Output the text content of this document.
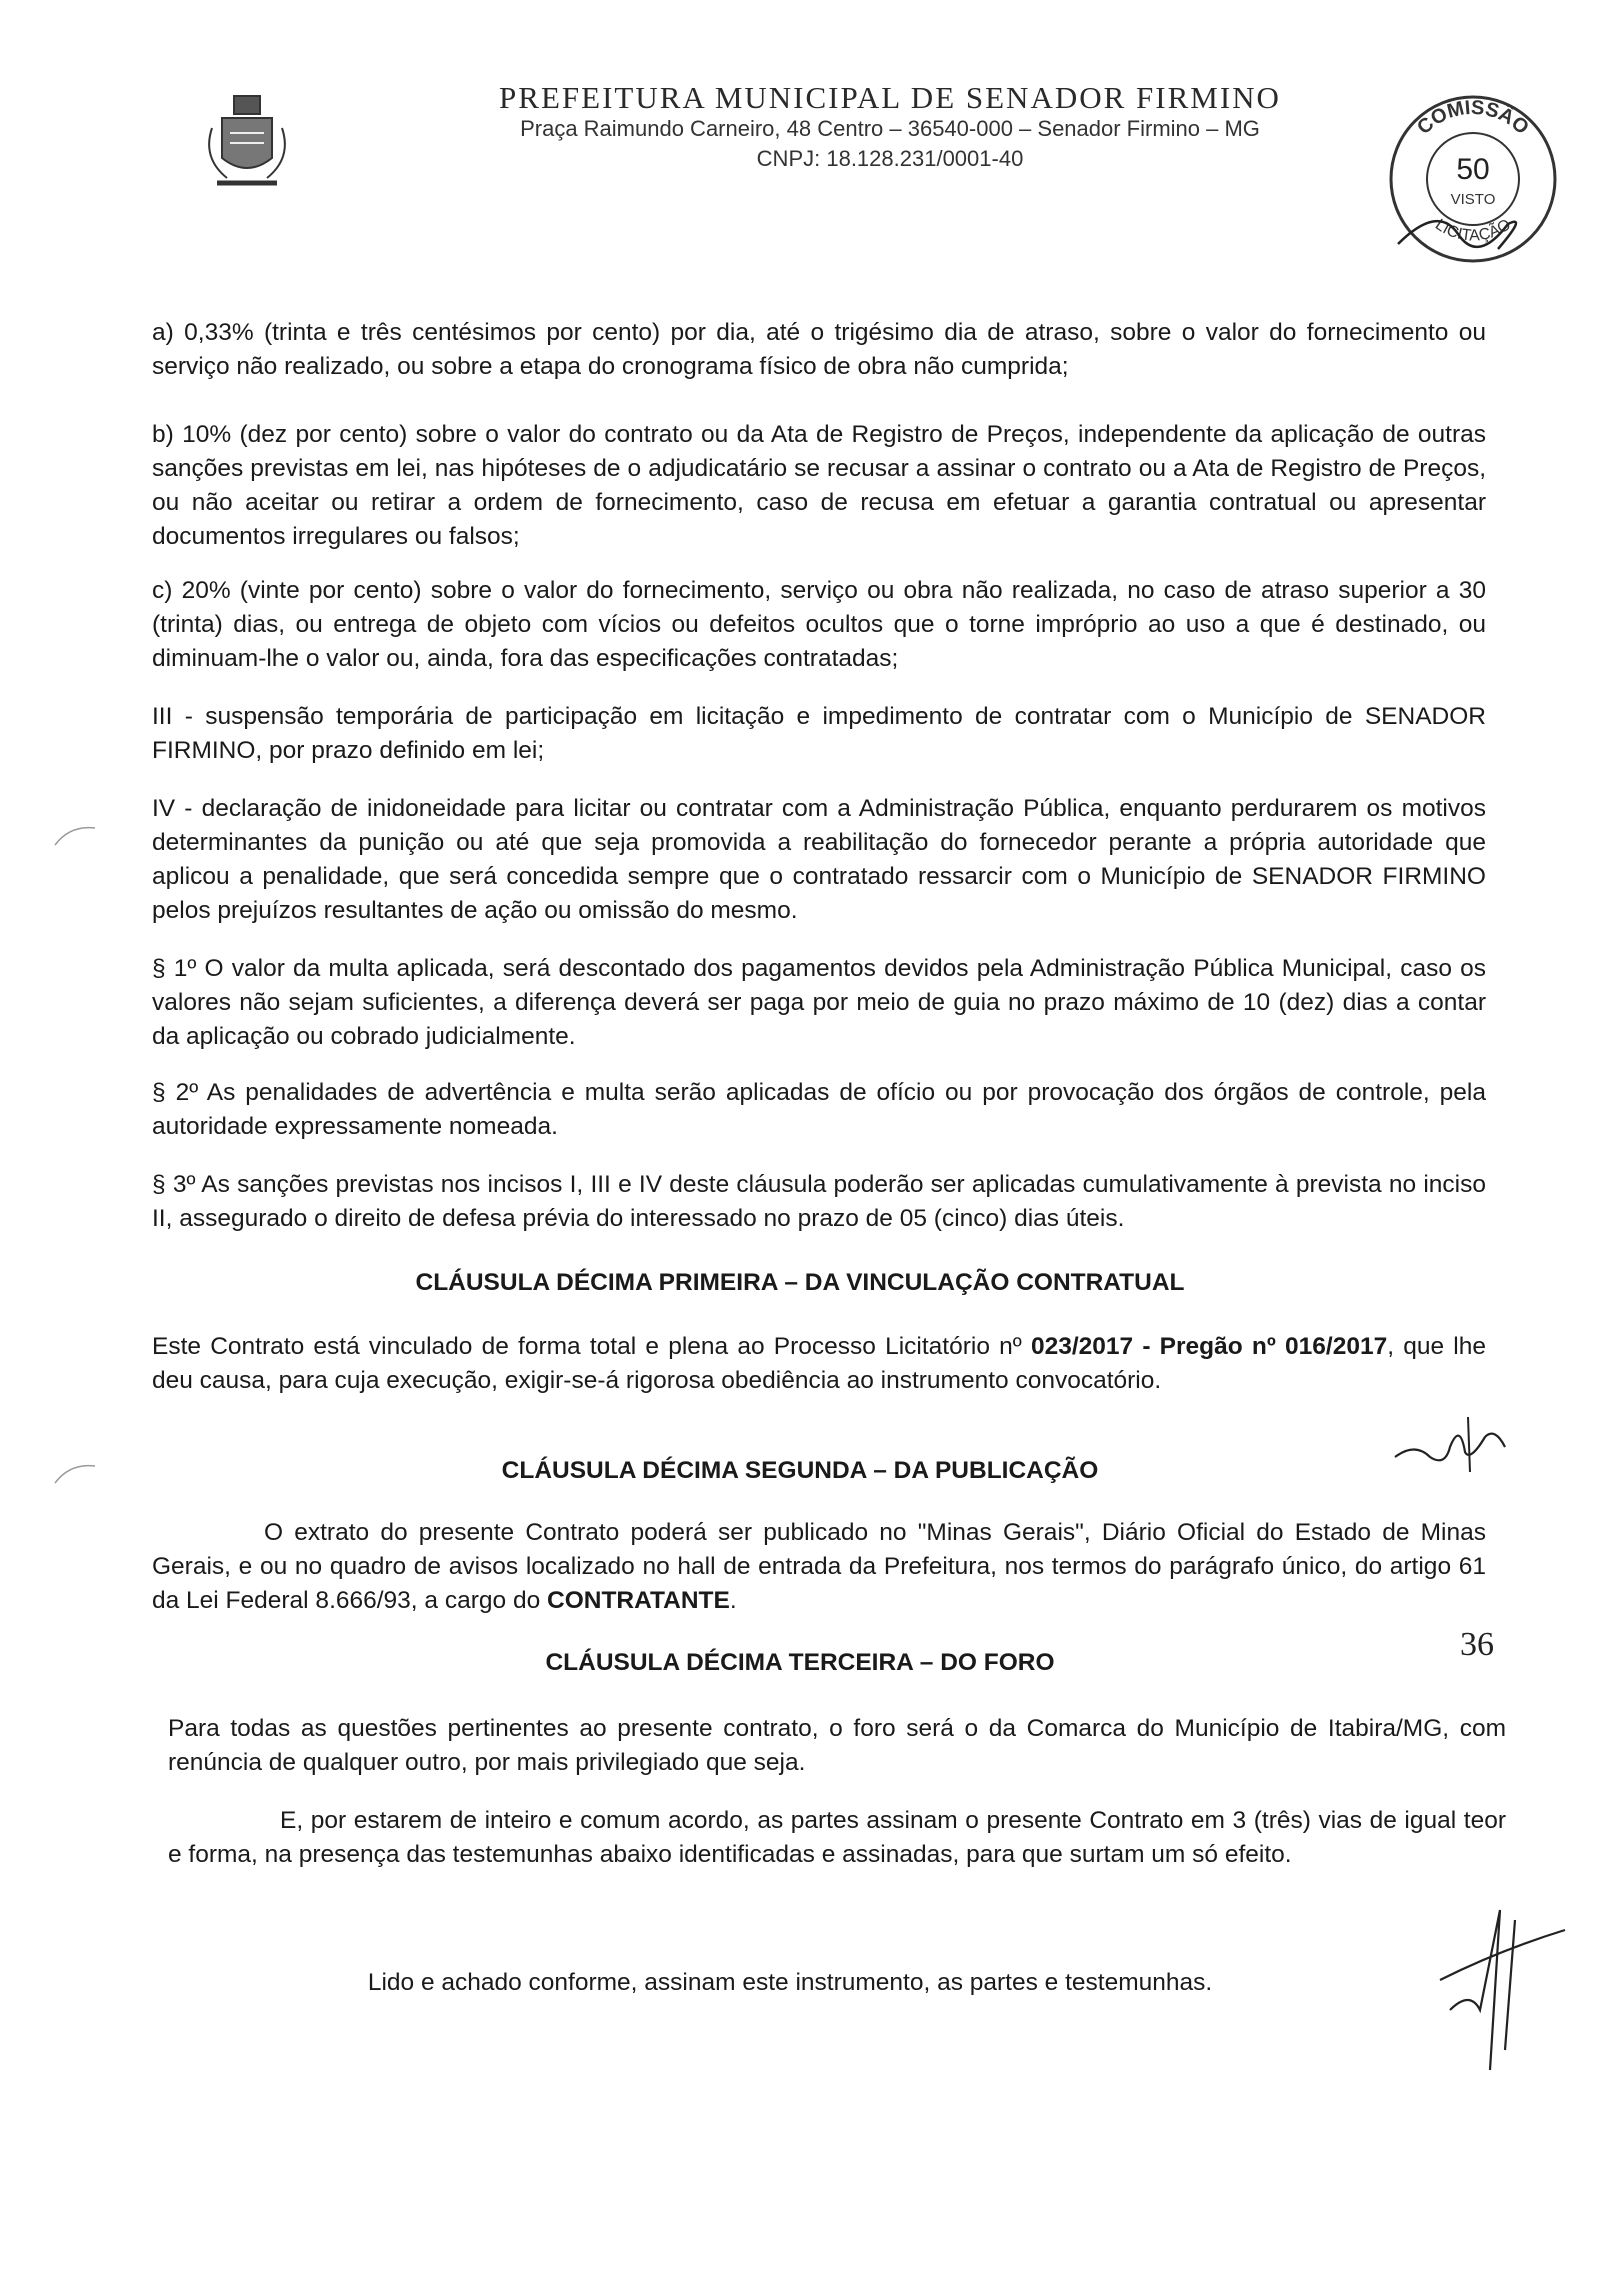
PREFEITURA MUNICIPAL DE SENADOR FIRMINO
Praça Raimundo Carneiro, 48 Centro – 36540-000 – Senador Firmino – MG
CNPJ: 18.128.231/0001-40
COMISSÃO
50
VISTO
LICITAÇÃO

a) 0,33% (trinta e três centésimos por cento) por dia, até o trigésimo dia de atraso, sobre o valor do fornecimento ou serviço não realizado, ou sobre a etapa do cronograma físico de obra não cumprida;

b) 10% (dez por cento) sobre o valor do contrato ou da Ata de Registro de Preços, independente da aplicação de outras sanções previstas em lei, nas hipóteses de o adjudicatário se recusar a assinar o contrato ou a Ata de Registro de Preços, ou não aceitar ou retirar a ordem de fornecimento, caso de recusa em efetuar a garantia contratual ou apresentar documentos irregulares ou falsos;

c) 20% (vinte por cento) sobre o valor do fornecimento, serviço ou obra não realizada, no caso de atraso superior a 30 (trinta) dias, ou entrega de objeto com vícios ou defeitos ocultos que o torne impróprio ao uso a que é destinado, ou diminuam-lhe o valor ou, ainda, fora das especificações contratadas;

III - suspensão temporária de participação em licitação e impedimento de contratar com o Município de SENADOR FIRMINO, por prazo definido em lei;

IV - declaração de inidoneidade para licitar ou contratar com a Administração Pública, enquanto perdurarem os motivos determinantes da punição ou até que seja promovida a reabilitação do fornecedor perante a própria autoridade que aplicou a penalidade, que será concedida sempre que o contratado ressarcir com o Município de SENADOR FIRMINO pelos prejuízos resultantes de ação ou omissão do mesmo.

§ 1º O valor da multa aplicada, será descontado dos pagamentos devidos pela Administração Pública Municipal, caso os valores não sejam suficientes, a diferença deverá ser paga por meio de guia no prazo máximo de 10 (dez) dias a contar da aplicação ou cobrado judicialmente.

§ 2º As penalidades de advertência e multa serão aplicadas de ofício ou por provocação dos órgãos de controle, pela autoridade expressamente nomeada.

§ 3º As sanções previstas nos incisos I, III e IV deste cláusula poderão ser aplicadas cumulativamente à prevista no inciso II, assegurado o direito de defesa prévia do interessado no prazo de 05 (cinco) dias úteis.

CLÁUSULA DÉCIMA PRIMEIRA – DA VINCULAÇÃO CONTRATUAL

Este Contrato está vinculado de forma total e plena ao Processo Licitatório nº 023/2017 - Pregão nº 016/2017, que lhe deu causa, para cuja execução, exigir-se-á rigorosa obediência ao instrumento convocatório.

CLÁUSULA DÉCIMA SEGUNDA – DA PUBLICAÇÃO

O extrato do presente Contrato poderá ser publicado no "Minas Gerais", Diário Oficial do Estado de Minas Gerais, e ou no quadro de avisos localizado no hall de entrada da Prefeitura, nos termos do parágrafo único, do artigo 61 da Lei Federal 8.666/93, a cargo do CONTRATANTE.

CLÁUSULA DÉCIMA TERCEIRA – DO FORO

Para todas as questões pertinentes ao presente contrato, o foro será o da Comarca do Município de Itabira/MG, com renúncia de qualquer outro, por mais privilegiado que seja.

E, por estarem de inteiro e comum acordo, as partes assinam o presente Contrato em 3 (três) vias de igual teor e forma, na presença das testemunhas abaixo identificadas e assinadas, para que surtam um só efeito.

Lido e achado conforme, assinam este instrumento, as partes e testemunhas.
36
